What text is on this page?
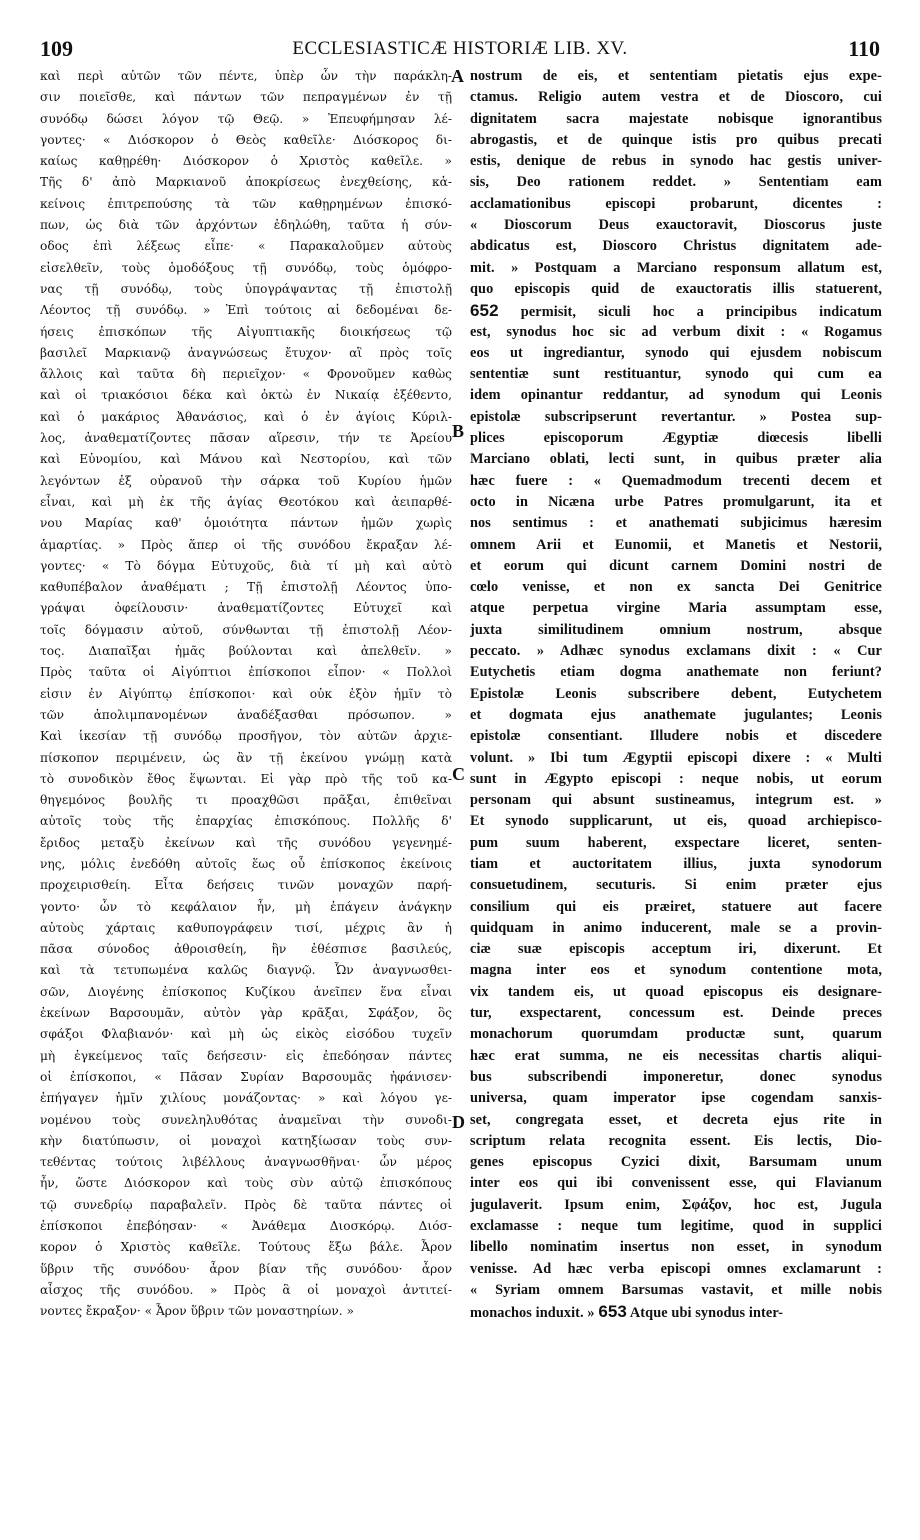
109	ECCLESIASTICÆ HISTORIÆ LIB. XV.	110
καὶ περὶ αὐτῶν τῶν πέντε, ὑπὲρ ὧν τὴν παράκλη-
σιν ποιεῖσθε, καὶ πάντων τῶν πεπραγμένων ἐν τῇ
συνόδῳ δώσει λόγον τῷ Θεῷ. » Ἐπευφήμησαν λέ-
γοντες· « Διόσκορον ὁ Θεὸς καθεῖλε· Διόσκορος δι-
καίως καθῃρέθη· Διόσκορον ὁ Χριστὸς καθεῖλε. »
Τῆς δ' ἀπὸ Μαρκιανοῦ ἀποκρίσεως ἐνεχθείσης, κἀ-
κείνοις ἐπιτρεπούσης τὰ τῶν καθῃρημένων ἐπισκό-
πων, ὡς διὰ τῶν ἀρχόντων ἐδηλώθη, ταῦτα ἡ σύν-
οδος ἐπὶ λέξεως εἶπε· « Παρακαλοῦμεν αὐτοὺς
εἰσελθεῖν, τοὺς ὁμοδόξους τῇ συνόδῳ, τοὺς ὁμόφρο-
νας τῇ συνόδῳ, τοὺς ὑπογράψαντας τῇ ἐπιστολῇ
Λέοντος τῇ συνόδῳ. » Ἐπὶ τούτοις αἱ δεδομέναι δε-
ήσεις ἐπισκόπων τῆς Αἰγυπτιακῆς διοικήσεως τῷ
βασιλεῖ Μαρκιανῷ ἀναγνώσεως ἔτυχον· αἳ πρὸς τοῖς
ἄλλοις καὶ ταῦτα δὴ περιεῖχον· « Φρονοῦμεν καθὼς
καὶ οἱ τριακόσιοι δέκα καὶ ὀκτὼ ἐν Νικαίᾳ ἐξέθεντο,
καὶ ὁ μακάριος Ἀθανάσιος, καὶ ὁ ἐν ἁγίοις Κύριλ-
λος, ἀναθεματίζοντες πᾶσαν αἵρεσιν, τήν τε Ἀρείου
καὶ Εὐνομίου, καὶ Μάνου καὶ Νεστορίου, καὶ τῶν
λεγόντων ἐξ οὐρανοῦ τὴν σάρκα τοῦ Κυρίου ἡμῶν
εἶναι, καὶ μὴ ἐκ τῆς ἁγίας Θεοτόκου καὶ ἀειπαρθέ-
νου Μαρίας καθ' ὁμοιότητα πάντων ἡμῶν χωρὶς
ἁμαρτίας. » Πρὸς ἅπερ οἱ τῆς συνόδου ἔκραξαν λέ-
γοντες· « Τὸ δόγμα Εὐτυχοῦς, διὰ τί μὴ καὶ αὐτὸ
καθυπέβαλον ἀναθέματι ; Τῇ ἐπιστολῇ Λέοντος ὑπο-
γράψαι ὀφείλουσιν· ἀναθεματίζοντες Εὐτυχεῖ καὶ
τοῖς δόγμασιν αὐτοῦ, σύνθωνται τῇ ἐπιστολῇ Λέον-
τος. Διαπαῖξαι ἡμᾶς βούλονται καὶ ἀπελθεῖν. »
Πρὸς ταῦτα οἱ Αἰγύπτιοι ἐπίσκοποι εἶπον· « Πολλοὶ
εἰσιν ἐν Αἰγύπτῳ ἐπίσκοποι· καὶ οὐκ ἐξὸν ἡμῖν τὸ
τῶν ἀπολιμπανομένων ἀναδέξασθαι πρόσωπον. »
Καὶ ἱκεσίαν τῇ συνόδῳ προσῆγον, τὸν αὐτῶν ἀρχιε-
πίσκοπον περιμένειν, ὡς ἂν τῇ ἐκείνου γνώμῃ κατὰ
τὸ συνοδικὸν ἔθος ἕψωνται. Εἰ γὰρ πρὸ τῆς τοῦ κα-
θηγεμόνος βουλῆς τι προαχθῶσι πρᾶξαι, ἐπιθεῖναι
αὐτοῖς τοὺς τῆς ἐπαρχίας ἐπισκόπους. Πολλῆς δ'
ἔριδος μεταξὺ ἐκείνων καὶ τῆς συνόδου γεγενημέ-
νης, μόλις ἐνεδόθη αὐτοῖς ἕως οὗ ἐπίσκοπος ἐκείνοις
προχειρισθείη. Εἶτα δεήσεις τινῶν μοναχῶν παρή-
γοντο· ὧν τὸ κεφάλαιον ἦν, μὴ ἐπάγειν ἀνάγκην
αὐτοὺς χάρταις καθυπογράφειν τισί, μέχρις ἂν ἡ
πᾶσα σύνοδος ἀθροισθείη, ἣν ἐθέσπισε βασιλεύς,
καὶ τὰ τετυπωμένα καλῶς διαγνῷ. Ὧν ἀναγνωσθει-
σῶν, Διογένης ἐπίσκοπος Κυζίκου ἀνεῖπεν ἕνα εἶναι
ἐκείνων Βαρσουμᾶν, αὐτὸν γὰρ κρᾶξαι, Σφάξον, ὃς
σφάξοι Φλαβιανόν· καὶ μὴ ὡς εἰκὸς εἰσόδου τυχεῖν
μὴ ἐγκείμενος ταῖς δεήσεσιν· εἰς ἐπεδόησαν πάντες
οἱ ἐπίσκοποι, « Πᾶσαν Συρίαν Βαρσουμᾶς ἠφάνισεν·
ἐπήγαγεν ἡμῖν χιλίους μονάζοντας· » καὶ λόγου γε-
νομένου τοὺς συνεληλυθότας ἀναμεῖναι τὴν συνοδι-
κὴν διατύπωσιν, οἱ μοναχοὶ κατηξίωσαν τοὺς συν-
τεθέντας τούτοις λιβέλλους ἀναγνωσθῆναι· ὧν μέρος
ἦν, ὥστε Διόσκορον καὶ τοὺς σὺν αὐτῷ ἐπισκόπους
τῷ συνεδρίῳ παραβαλεῖν. Πρὸς δὲ ταῦτα πάντες οἱ
ἐπίσκοποι ἐπεβόησαν· « Ἀνάθεμα Διοσκόρῳ. Διόσ-
κορον ὁ Χριστὸς καθεῖλε. Τούτους ἔξω βάλε. Ἆρον
ὕβριν τῆς συνόδου· ἆρον βίαν τῆς συνόδου· ἆρον
αἶσχος τῆς συνόδου. » Πρὸς ἃ οἱ μοναχοὶ ἀντιτεί-
νοντες ἔκραξον· « Ἆρον ὕβριν τῶν μοναστηρίων. »
nostrum de eis, et sententiam pietatis ejus expe-
ctamus. Religio autem vestra et de Dioscoro, cui
dignitatem sacra majestate nobisque ignorantibus
abrogastis, et de quinque istis pro quibus precati
estis, denique de rebus in synodo hac gestis univer-
sis, Deo rationem reddet. » Sententiam eam
acclamationibus episcopi probarunt, dicentes :
« Dioscorum Deus exauctoravit, Dioscorus juste
abdicatus est, Dioscoro Christus dignitatem ade-
mit. » Postquam a Marciano responsum allatum est,
quo episcopis quid de exauctoratis illis statuerent,
652 permisit, siculi hoc a principibus indicatum
est, synodus hoc sic ad verbum dixit : « Rogamus
eos ut ingrediantur, synodo qui ejusdem nobiscum
sententiæ sunt restituantur, synodo qui cum ea
idem opinantur reddantur, ad synodum qui Leonis
epistolæ subscripserunt revertantur. » Postea sup-
plices episcoporum Ægyptiæ diœcesis libelli
Marciano oblati, lecti sunt, in quibus præter alia
hæc fuere : « Quemadmodum trecenti decem et
octo in Nicæna urbe Patres promulgarunt, ita et
nos sentimus : et anathemati subjicimus hæresim
omnem Arii et Eunomii, et Manetis et Nestorii,
et eorum qui dicunt carnem Domini nostri de
cœlo venisse, et non ex sancta Dei Genitrice
atque perpetua virgine Maria assumptam esse,
juxta similitudinem omnium nostrum, absque
peccato. » Adhæc synodus exclamans dixit : « Cur
Eutychetis etiam dogma anathemate non feriunt?
Epistolæ Leonis subscribere debent, Eutychetem
et dogmata ejus anathemate jugulantes; Leonis
epistolæ consentiant. Illudere nobis et discedere
volunt. » Ibi tum Ægyptii episcopi dixere : « Multi
sunt in Ægypto episcopi : neque nobis, ut eorum
personam qui absunt sustineamus, integrum est. »
Et synodo supplicarunt, ut eis, quoad archiepisco-
pum suum haberent, exspectare liceret, senten-
tiam et auctoritatem illius, juxta synodorum
consuetudinem, secuturis. Si enim præter ejus
consilium qui eis præiret, statuere aut facere
quidquam in animo inducerent, male se a provin-
ciæ suæ episcopis acceptum iri, dixerunt. Et
magna inter eos et synodum contentione mota,
vix tandem eis, ut quoad episcopus eis designare-
tur, exspectarent, concessum est. Deinde preces
monachorum quorumdam productæ sunt, quarum
hæc erat summa, ne eis necessitas chartis aliqui-
bus subscribendi imponeretur, donec synodus
universa, quam imperator ipse cogendam sanxis-
set, congregata esset, et decreta ejus rite in
scriptum relata recognita essent. Eis lectis, Dio-
genes episcopus Cyzici dixit, Barsumam unum
inter eos qui ibi convenissent esse, qui Flavianum
jugulaverit. Ipsum enim, Σφάξον, hoc est, Jugula
exclamasse : neque tum legitime, quod in supplici
libello nominatim insertus non esset, in synodum
venisse. Ad hæc verba episcopi omnes exclamarunt :
« Syriam omnem Barsumas vastavit, et mille nobis
monachos induxit. » 653 Atque ubi synodus inter-
A
B
C
D
